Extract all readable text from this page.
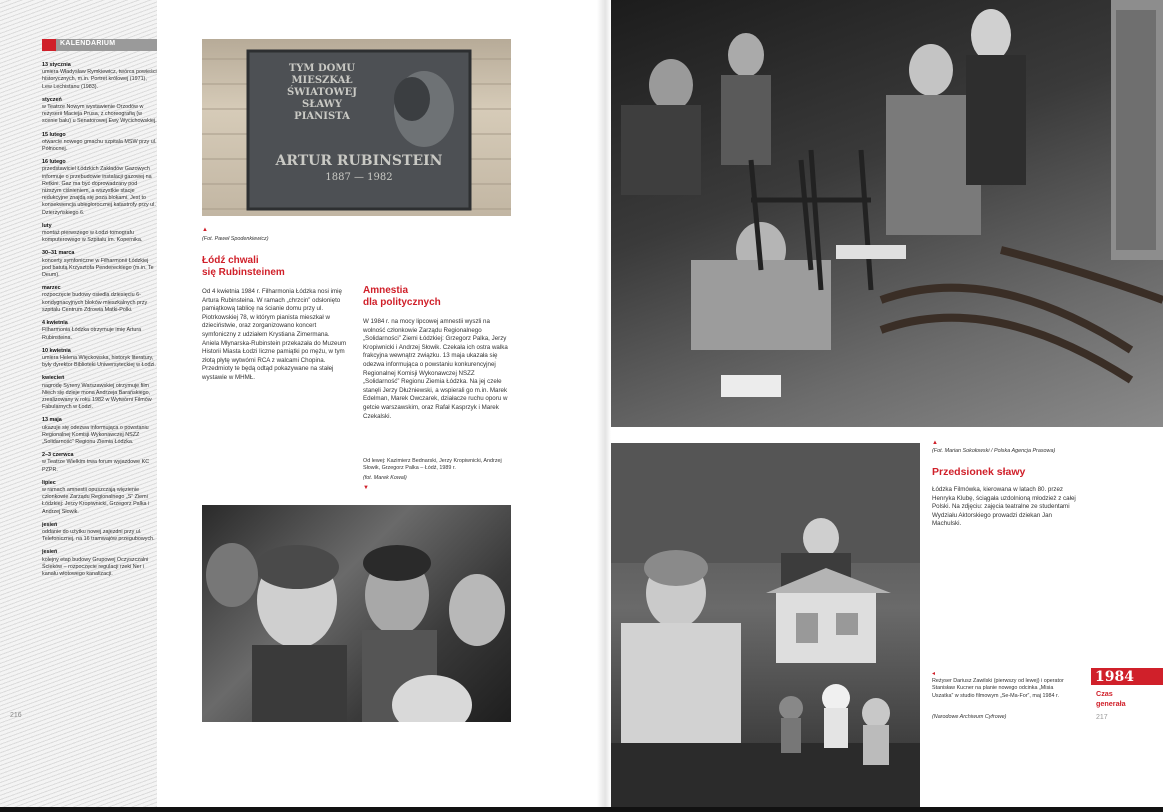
KALENDARIUM
13 stycznia
umiera Władysław Rymkiewicz, twórca powieści historycznych, m.in. Portret królowej (1971), Lew Lechistanu (1983).
styczeń
w Teatrze Nowym wystawienie Orzodów w reżyserii Macieja Prusa, z choreografią (w scenie balu) u Senatorowej Ewy Wycichowskiej.
15 lutego
otwarcie nowego gmachu szpitala MSW przy ul. Północnej.
16 lutego
przedstawiciel Łódzkich Zakładów Gazowych informuje o przebudowie instalacji gazowej na Retkini. Gaz ma być doprowadzany pod niższym ciśnieniem, a wszystkie stacje redukcyjne znajdą się poza blokami. Jest to konsekwencja ubiegłorocznej katastrofy przy ul. Dzierżyńskiego 6.
luty
montaż pierwszego w Łodzi tomografu komputerowego w Szpitalu im. Kopernika.
30–31 marca
koncerty symfoniczne w Filharmonii Łódzkiej pod batutą Krzysztofa Pendereckiego (m.in. Te Deum).
marzec
rozpoczęcie budowy osiedla dziesięciu 6-kondygnacyjnych bloków mieszkalnych przy szpitalu Centrum Zdrowia Matki-Polki.
4 kwietnia
Filharmonia Łódzka otrzymuje imię Artura Rubinsteina.
10 kwietnia
umiera Helena Więckowska, historyk literatury, były dyrektor Biblioteki Uniwersyteckiej w Łodzi.
kwiecień
nagrodę Syreny Warszawskiej otrzymuje film Niech się dzieje mona Andrzeja Barańskiego, zrealizowany w roku 1982 w Wytwórni Filmów Fabularnych w Łodzi.
13 maja
ukazuje się odezwa informująca o powstaniu Regionalnej Komisji Wykonawczej NSZZ „Solidarność” Regionu Ziemia Łódzka.
2–3 czerwca
w Teatrze Wielkim trwa forum wyjazdowe KC PZPR.
lipiec
w ramach amnestii opuszczają więzienie członkowie Zarządu Regionalnego „S” Ziemi Łódzkiej: Jerzy Kropiwnicki, Grzegorz Palka i Andrzej Słowik.
jesień
oddanie do użytku nowej zajezdni przy ul. Telefonicznej, na 16 tramwajów przegubowych.
jesień
kolejny etap budowy Grupowej Oczyszczalni Ścieków – rozpoczęcie regulacji rzeki Ner i kanału włotowego kanalizacji.
216
TYM DOMU
MIESZKAŁ
ŚWIATOWEJ
SŁAWY
PIANISTA
ARTUR RUBINSTEIN
1887 — 1982
▲
(Fot. Paweł Spodenkiewicz)
Łódź chwali
się Rubinsteinem
Od 4 kwietnia 1984 r. Filharmonia Łódzka nosi imię Artura Rubinsteina. W ramach „chrzcin” odsłonięto pamiątkową tablicę na ścianie domu przy ul. Piotrkowskiej 78, w którym pianista mieszkał w dzieciństwie, oraz zorganizowano koncert symfoniczny z udziałem Krystiana Zimermana. Aniela Młynarska-Rubinstein przekazała do Muzeum Historii Miasta Łodzi liczne pamiątki po mężu, w tym złotą płytę wytwórni RCA z walcami Chopina. Przedmioty te będą odtąd pokazywane na stałej wystawie w MHMŁ.
Amnestia
dla politycznych
W 1984 r. na mocy lipcowej amnestii wyszli na wolność członkowie Zarządu Regionalnego „Solidarności” Ziemi Łódzkiej: Grzegorz Palka, Jerzy Kropiwnicki i Andrzej Słowik. Czekała ich ostra walka frakcyjna wewnątrz związku. 13 maja ukazała się odezwa informująca o powstaniu konkurencyjnej Regionalnej Komisji Wykonawczej NSZZ „Solidarność” Regionu Ziemia Łódzka. Na jej czele stanęli Jerzy Dłużniewski, a wspierali go m.in. Marek Edelman, Marek Owczarek, działacze ruchu oporu w getcie warszawskim, oraz Rafał Kasprzyk i Marek Czekalski.
Od lewej: Kazimierz Bednarski, Jerzy Kropiwnicki, Andrzej Słowik, Grzegorz Palka – Łódź, 1989 r.
(fot. Marek Kowal)
▼
▲
(Fot. Marian Sokołowski / Polska Agencja Prasowa)
Przedsionek sławy
Łódzka Filmówka, kierowana w latach 80. przez Henryka Klubę, ściągała uzdolnioną młodzież z całej Polski. Na zdjęciu: zajęcia teatralne ze studentami Wydziału Aktorskiego prowadzi dziekan Jan Machulski.
◂
Reżyser Dariusz Zawilski (pierwszy od lewej) i operator Stanisław Kucner na planie nowego odcinka „Misia Uszatka” w studio filmowym „Se-Ma-For”, maj 1984 r.
(Narodowe Archiwum Cyfrowe)
1984
Czas
generała
217
